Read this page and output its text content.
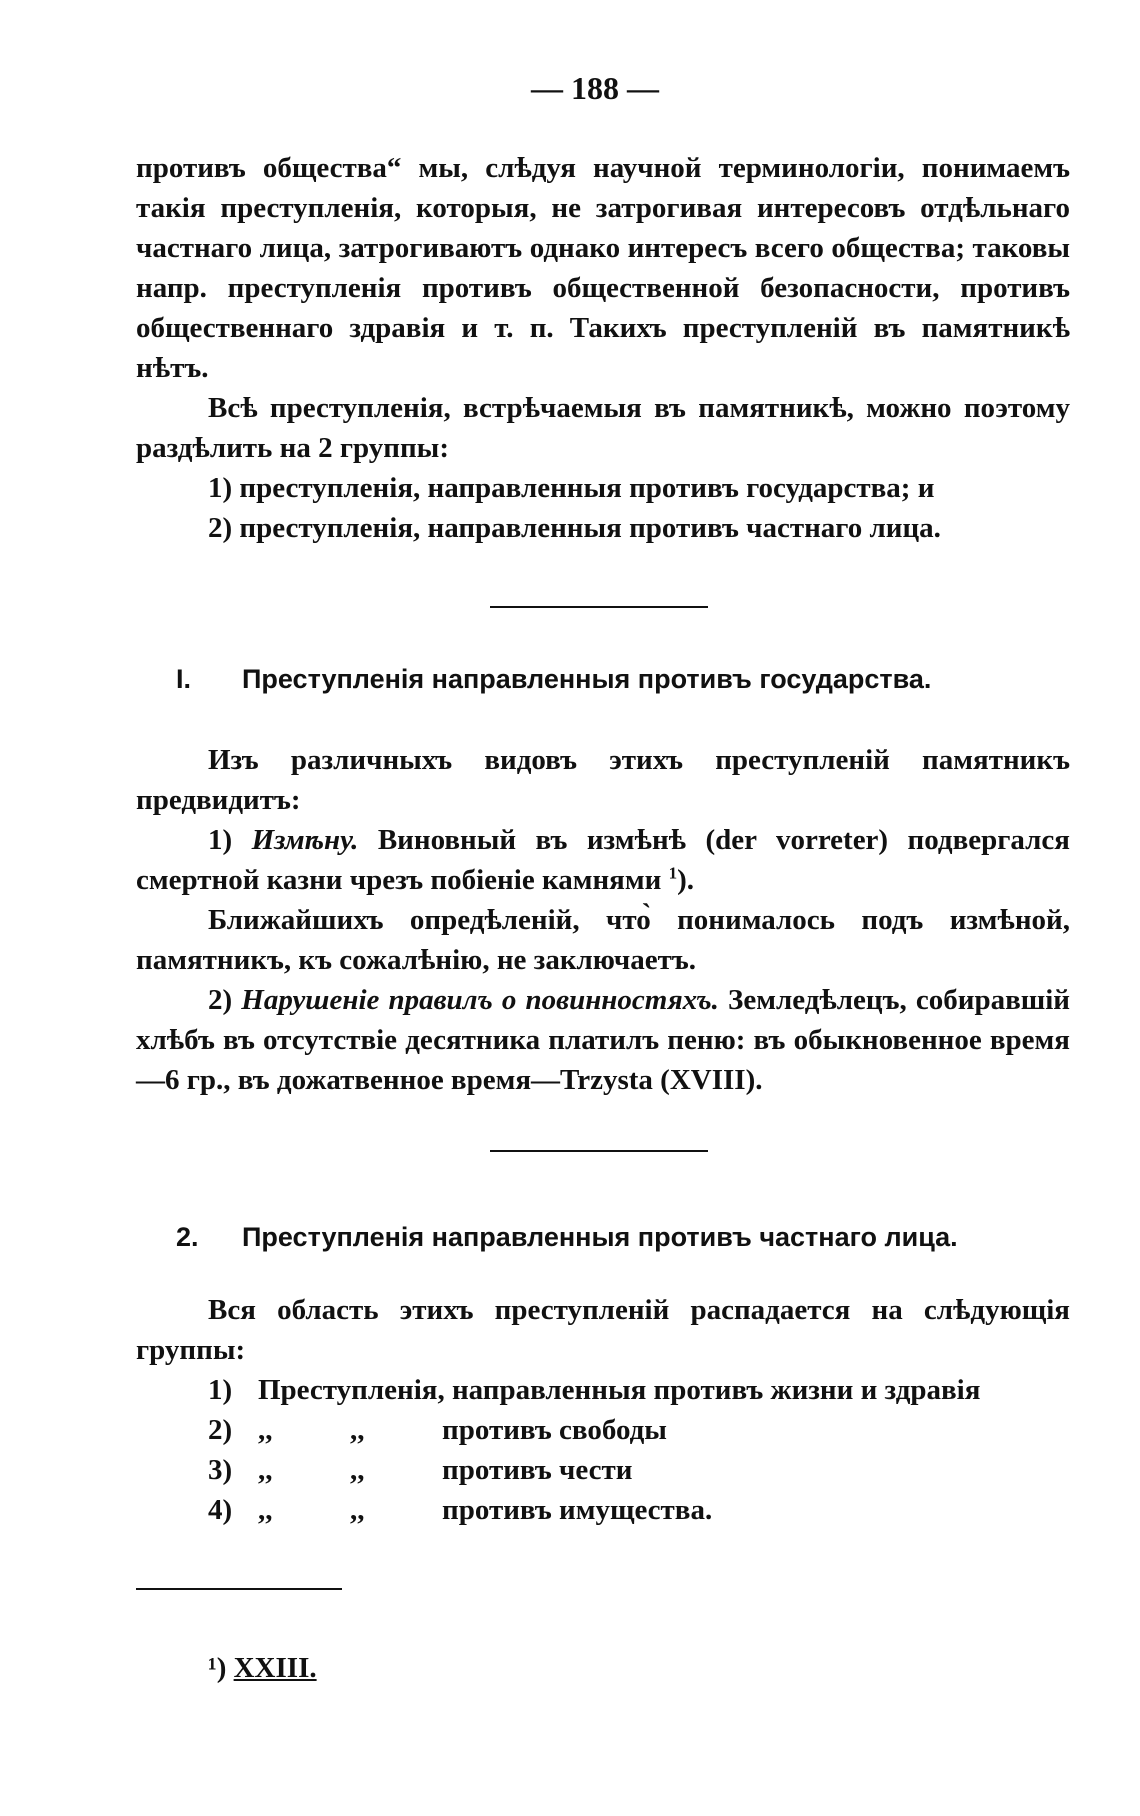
— 188 —

противъ общества“ мы, слѣдуя научной терминологіи, понимаемъ такія преступленія, которыя, не затрогивая интересовъ отдѣльнаго частнаго лица, затрогиваютъ однако интересъ всего общества; таковы напр. преступленія противъ общественной безопасности, противъ общественнаго здравія и т. п. Такихъ преступленій въ памятникѣ нѣтъ.

Всѣ преступленія, встрѣчаемыя въ памятникѣ, можно поэтому раздѣлить на 2 группы:

1) преступленія, направленныя противъ государства; и

2) преступленія, направленныя противъ частнаго лица.

I. Преступленія направленныя противъ государства.

Изъ различныхъ видовъ этихъ преступленій памятникъ предвидитъ:

1) Измѣну. Виновный въ измѣнѣ (der vorreter) подвергался смертной казни чрезъ побіеніе камнями $^1$).

Ближайшихъ опредѣленій, что̀ понималось подъ измѣной, памятникъ, къ сожалѣнію, не заключаетъ.

2) Нарушеніе правилъ о повинностяхъ. Земледѣлецъ, собиравшій хлѣбъ въ отсутствіе десятника платилъ пеню: въ обыкновенное время—6 гр., въ дожатвенное время—Trzysta (XVIII).

2. Преступленія направленныя противъ частнаго лица.

Вся область этихъ преступленій распадается на слѣдующія группы:

1) Преступленія, направленныя противъ жизни и здравія

2) ,,	,,	противъ свободы

3) ,,	,,	противъ чести

4) ,,	,,	противъ имущества.

¹) XXIII.
